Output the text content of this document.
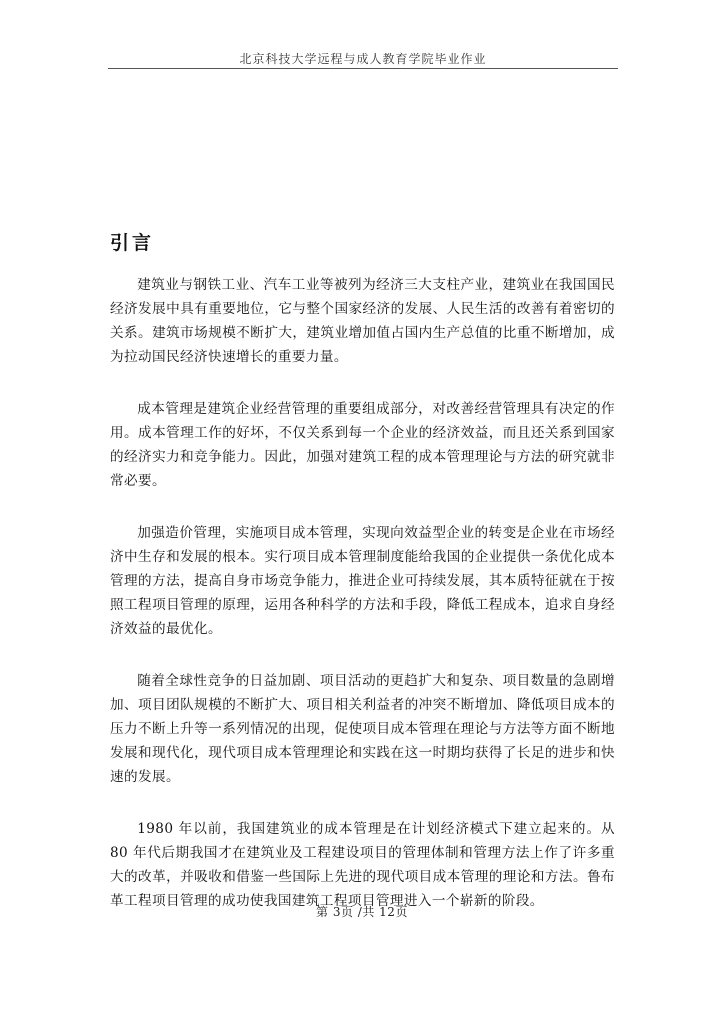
北京科技大学远程与成人教育学院毕业作业
引言

建筑业与钢铁工业、汽车工业等被列为经济三大支柱产业，建筑业在我国国民经济发展中具有重要地位，它与整个国家经济的发展、人民生活的改善有着密切的关系。建筑市场规模不断扩大，建筑业增加值占国内生产总值的比重不断增加，成为拉动国民经济快速增长的重要力量。

成本管理是建筑企业经营管理的重要组成部分，对改善经营管理具有决定的作用。成本管理工作的好坏，不仅关系到每一个企业的经济效益，而且还关系到国家的经济实力和竞争能力。因此，加强对建筑工程的成本管理理论与方法的研究就非常必要。

加强造价管理，实施项目成本管理，实现向效益型企业的转变是企业在市场经济中生存和发展的根本。实行项目成本管理制度能给我国的企业提供一条优化成本管理的方法，提高自身市场竞争能力，推进企业可持续发展，其本质特征就在于按照工程项目管理的原理，运用各种科学的方法和手段，降低工程成本，追求自身经济效益的最优化。

随着全球性竞争的日益加剧、项目活动的更趋扩大和复杂、项目数量的急剧增加、项目团队规模的不断扩大、项目相关利益者的冲突不断增加、降低项目成本的压力不断上升等一系列情况的出现，促使项目成本管理在理论与方法等方面不断地发展和现代化，现代项目成本管理理论和实践在这一时期均获得了长足的进步和快速的发展。

1980 年以前，我国建筑业的成本管理是在计划经济模式下建立起来的。从 80 年代后期我国才在建筑业及工程建设项目的管理体制和管理方法上作了许多重大的改革，并吸收和借鉴一些国际上先进的现代项目成本管理的理论和方法。鲁布革工程项目管理的成功使我国建筑工程项目管理进入一个崭新的阶段。

第 3页 /共 12页
